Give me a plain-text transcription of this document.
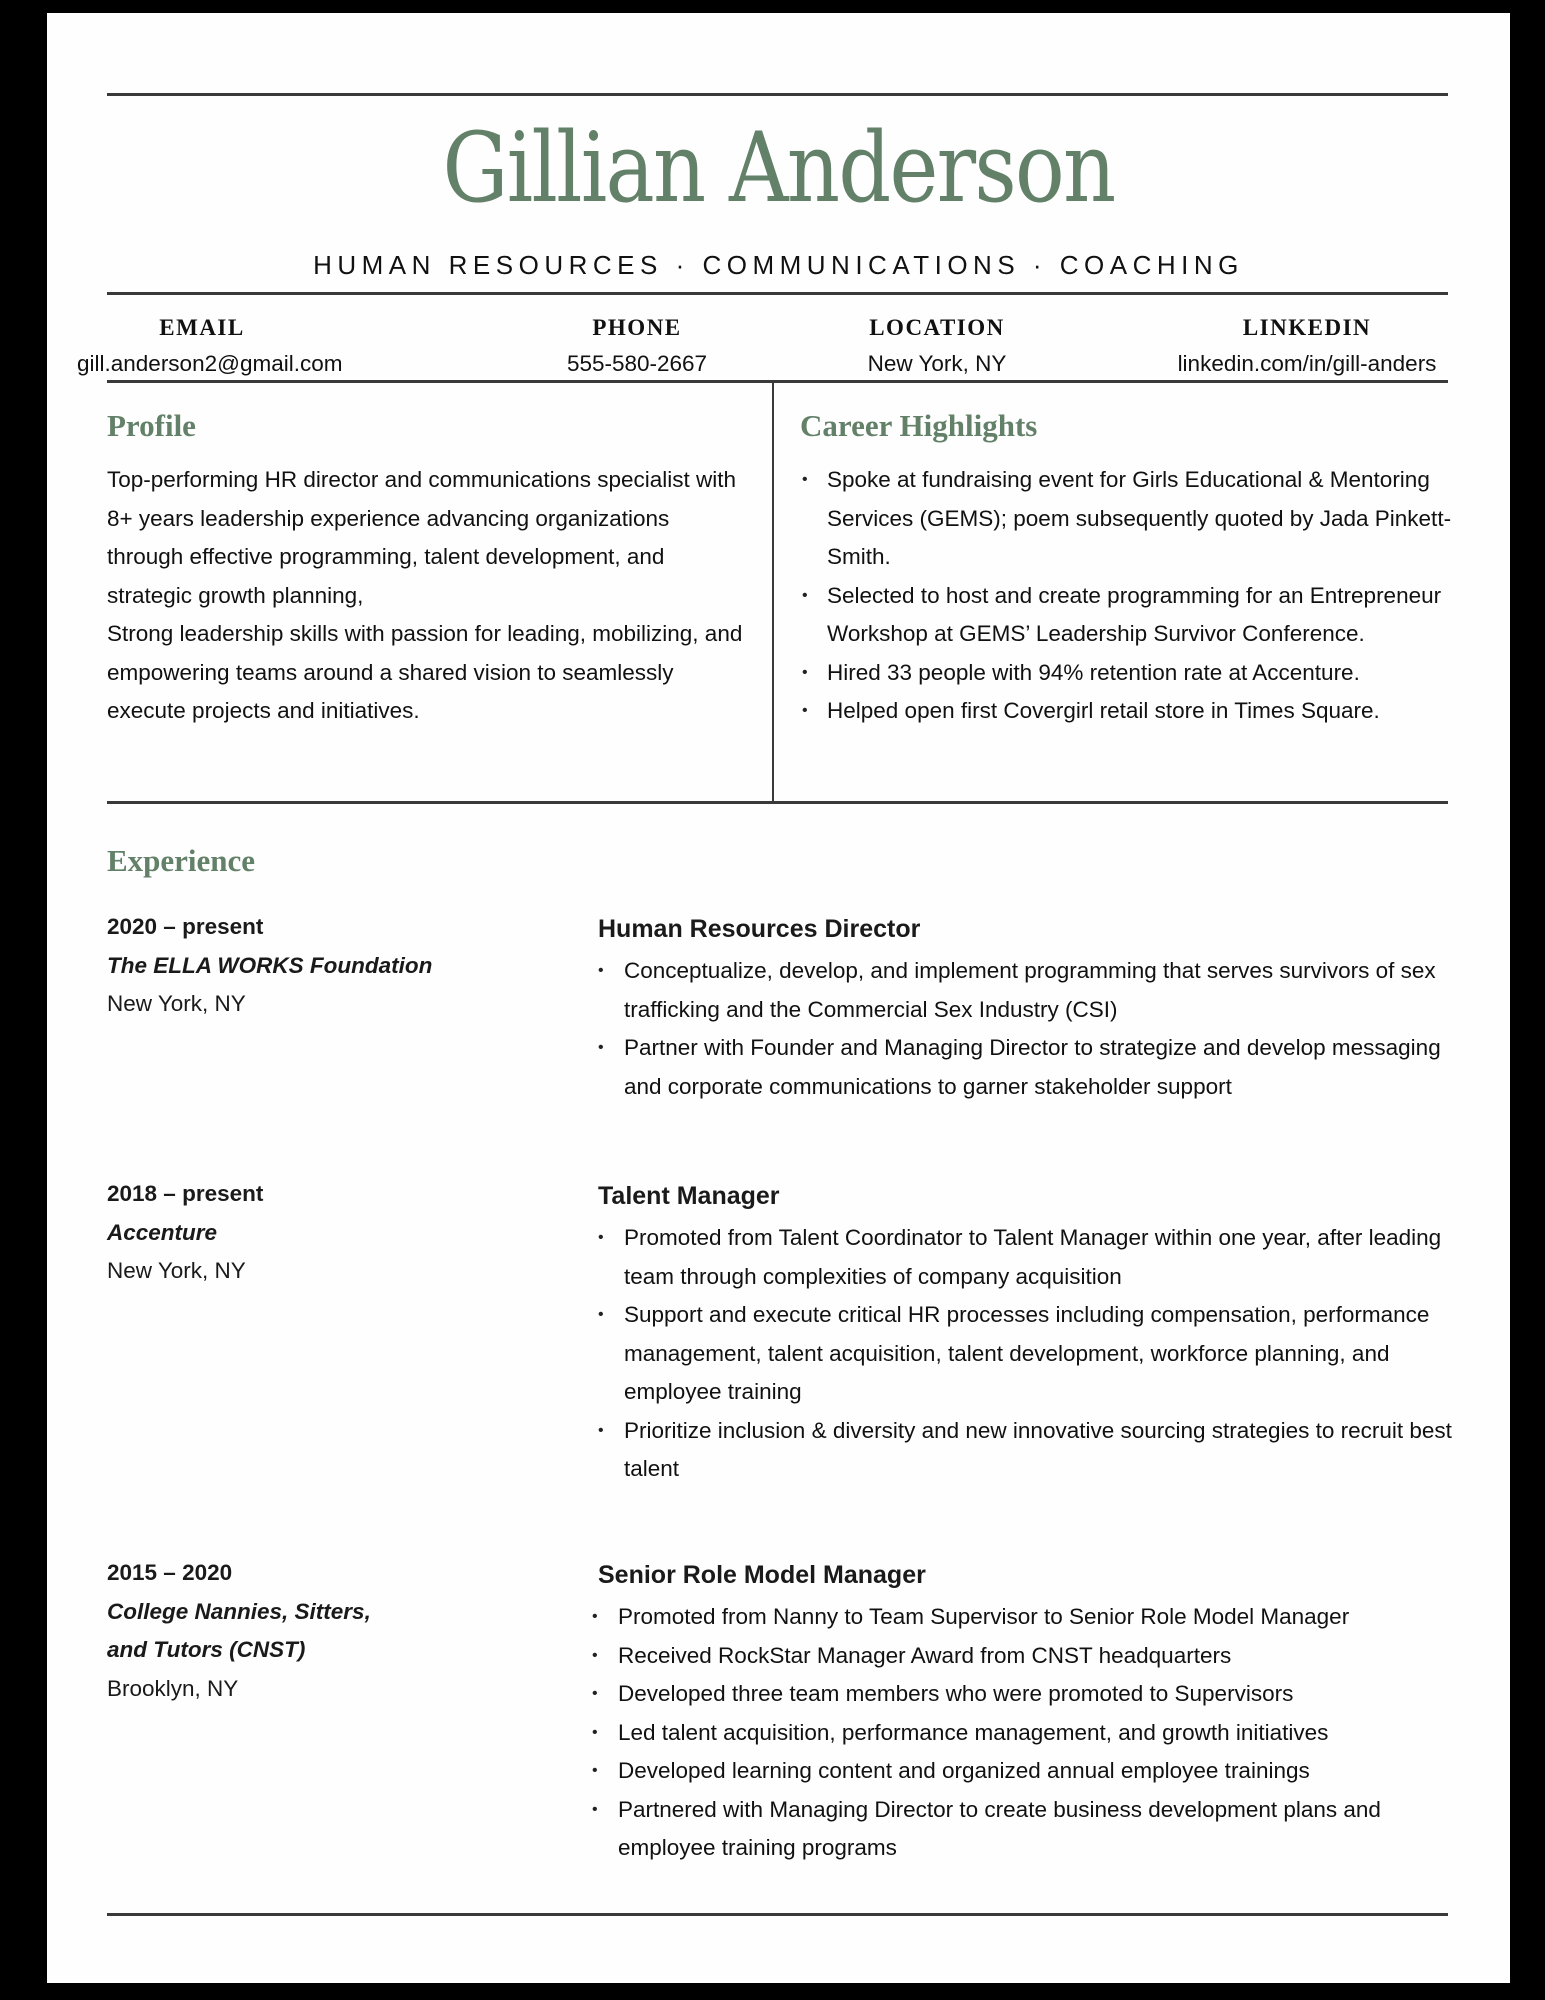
Gillian Anderson
HUMAN RESOURCES · COMMUNICATIONS · COACHING
EMAIL
gill.anderson2@gmail.com
PHONE
555-580-2667
LOCATION
New York, NY
LINKEDIN
linkedin.com/in/gill-anders
Profile
Top-performing HR director and communications specialist with 8+ years leadership experience advancing organizations through effective programming, talent development, and strategic growth planning,
Strong leadership skills with passion for leading, mobilizing, and empowering teams around a shared vision to seamlessly execute projects and initiatives.
Career Highlights
• Spoke at fundraising event for Girls Educational & Mentoring Services (GEMS); poem subsequently quoted by Jada Pinkett-Smith.
• Selected to host and create programming for an Entrepreneur Workshop at GEMS’ Leadership Survivor Conference.
• Hired 33 people with 94% retention rate at Accenture.
• Helped open first Covergirl retail store in Times Square.
Experience
2020 – present
The ELLA WORKS Foundation
New York, NY
Human Resources Director
• Conceptualize, develop, and implement programming that serves survivors of sex trafficking and the Commercial Sex Industry (CSI)
• Partner with Founder and Managing Director to strategize and develop messaging and corporate communications to garner stakeholder support
2018 – present
Accenture
New York, NY
Talent Manager
• Promoted from Talent Coordinator to Talent Manager within one year, after leading team through complexities of company acquisition
• Support and execute critical HR processes including compensation, performance management, talent acquisition, talent development, workforce planning, and employee training
• Prioritize inclusion & diversity and new innovative sourcing strategies to recruit best talent
2015 – 2020
College Nannies, Sitters,
and Tutors (CNST)
Brooklyn, NY
Senior Role Model Manager
• Promoted from Nanny to Team Supervisor to Senior Role Model Manager
• Received RockStar Manager Award from CNST headquarters
• Developed three team members who were promoted to Supervisors
• Led talent acquisition, performance management, and growth initiatives
• Developed learning content and organized annual employee trainings
• Partnered with Managing Director to create business development plans and employee training programs
